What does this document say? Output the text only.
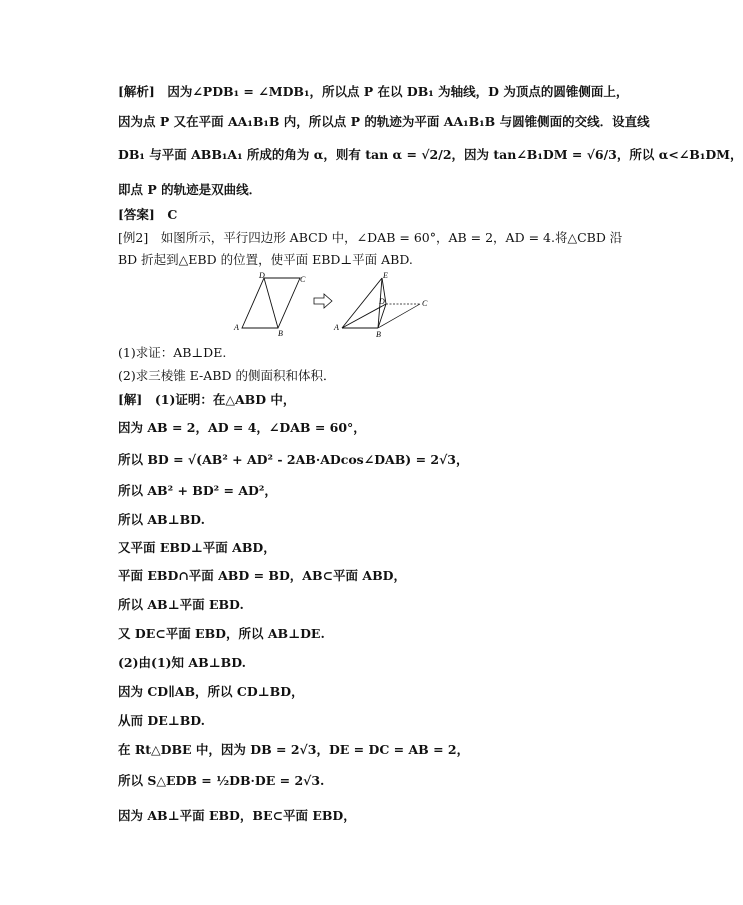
[解析]　因为∠PDB₁ = ∠MDB₁，所以点 P 在以 DB₁ 为轴线，D 为顶点的圆锥侧面上，
因为点 P 又在平面 AA₁B₁B 内，所以点 P 的轨迹为平面 AA₁B₁B 与圆锥侧面的交线．设直线
DB₁ 与平面 ABB₁A₁ 所成的角为 α，则有 tan α = √2/2，因为 tan∠B₁DM = √6/3，所以 α<∠B₁DM，
即点 P 的轨迹是双曲线．
[答案]　C
[例2]　如图所示，平行四边形 ABCD 中，∠DAB = 60°，AB = 2，AD = 4.将△CBD 沿
BD 折起到△EBD 的位置，使平面 EBD⊥平面 ABD.
A
B
C
D
A
B
C
D
E
(1)求证：AB⊥DE.
(2)求三棱锥 E-ABD 的侧面积和体积．
[解]　(1)证明：在△ABD 中，
因为 AB = 2，AD = 4，∠DAB = 60°，
所以 BD = √(AB² + AD² - 2AB·ADcos∠DAB) = 2√3，
所以 AB² + BD² = AD²，
所以 AB⊥BD.
又平面 EBD⊥平面 ABD，
平面 EBD∩平面 ABD = BD，AB⊂平面 ABD，
所以 AB⊥平面 EBD.
又 DE⊂平面 EBD，所以 AB⊥DE.
(2)由(1)知 AB⊥BD.
因为 CD∥AB，所以 CD⊥BD，
从而 DE⊥BD.
在 Rt△DBE 中，因为 DB = 2√3，DE = DC = AB = 2，
所以 S△EDB = ½DB·DE = 2√3.
因为 AB⊥平面 EBD，BE⊂平面 EBD，
